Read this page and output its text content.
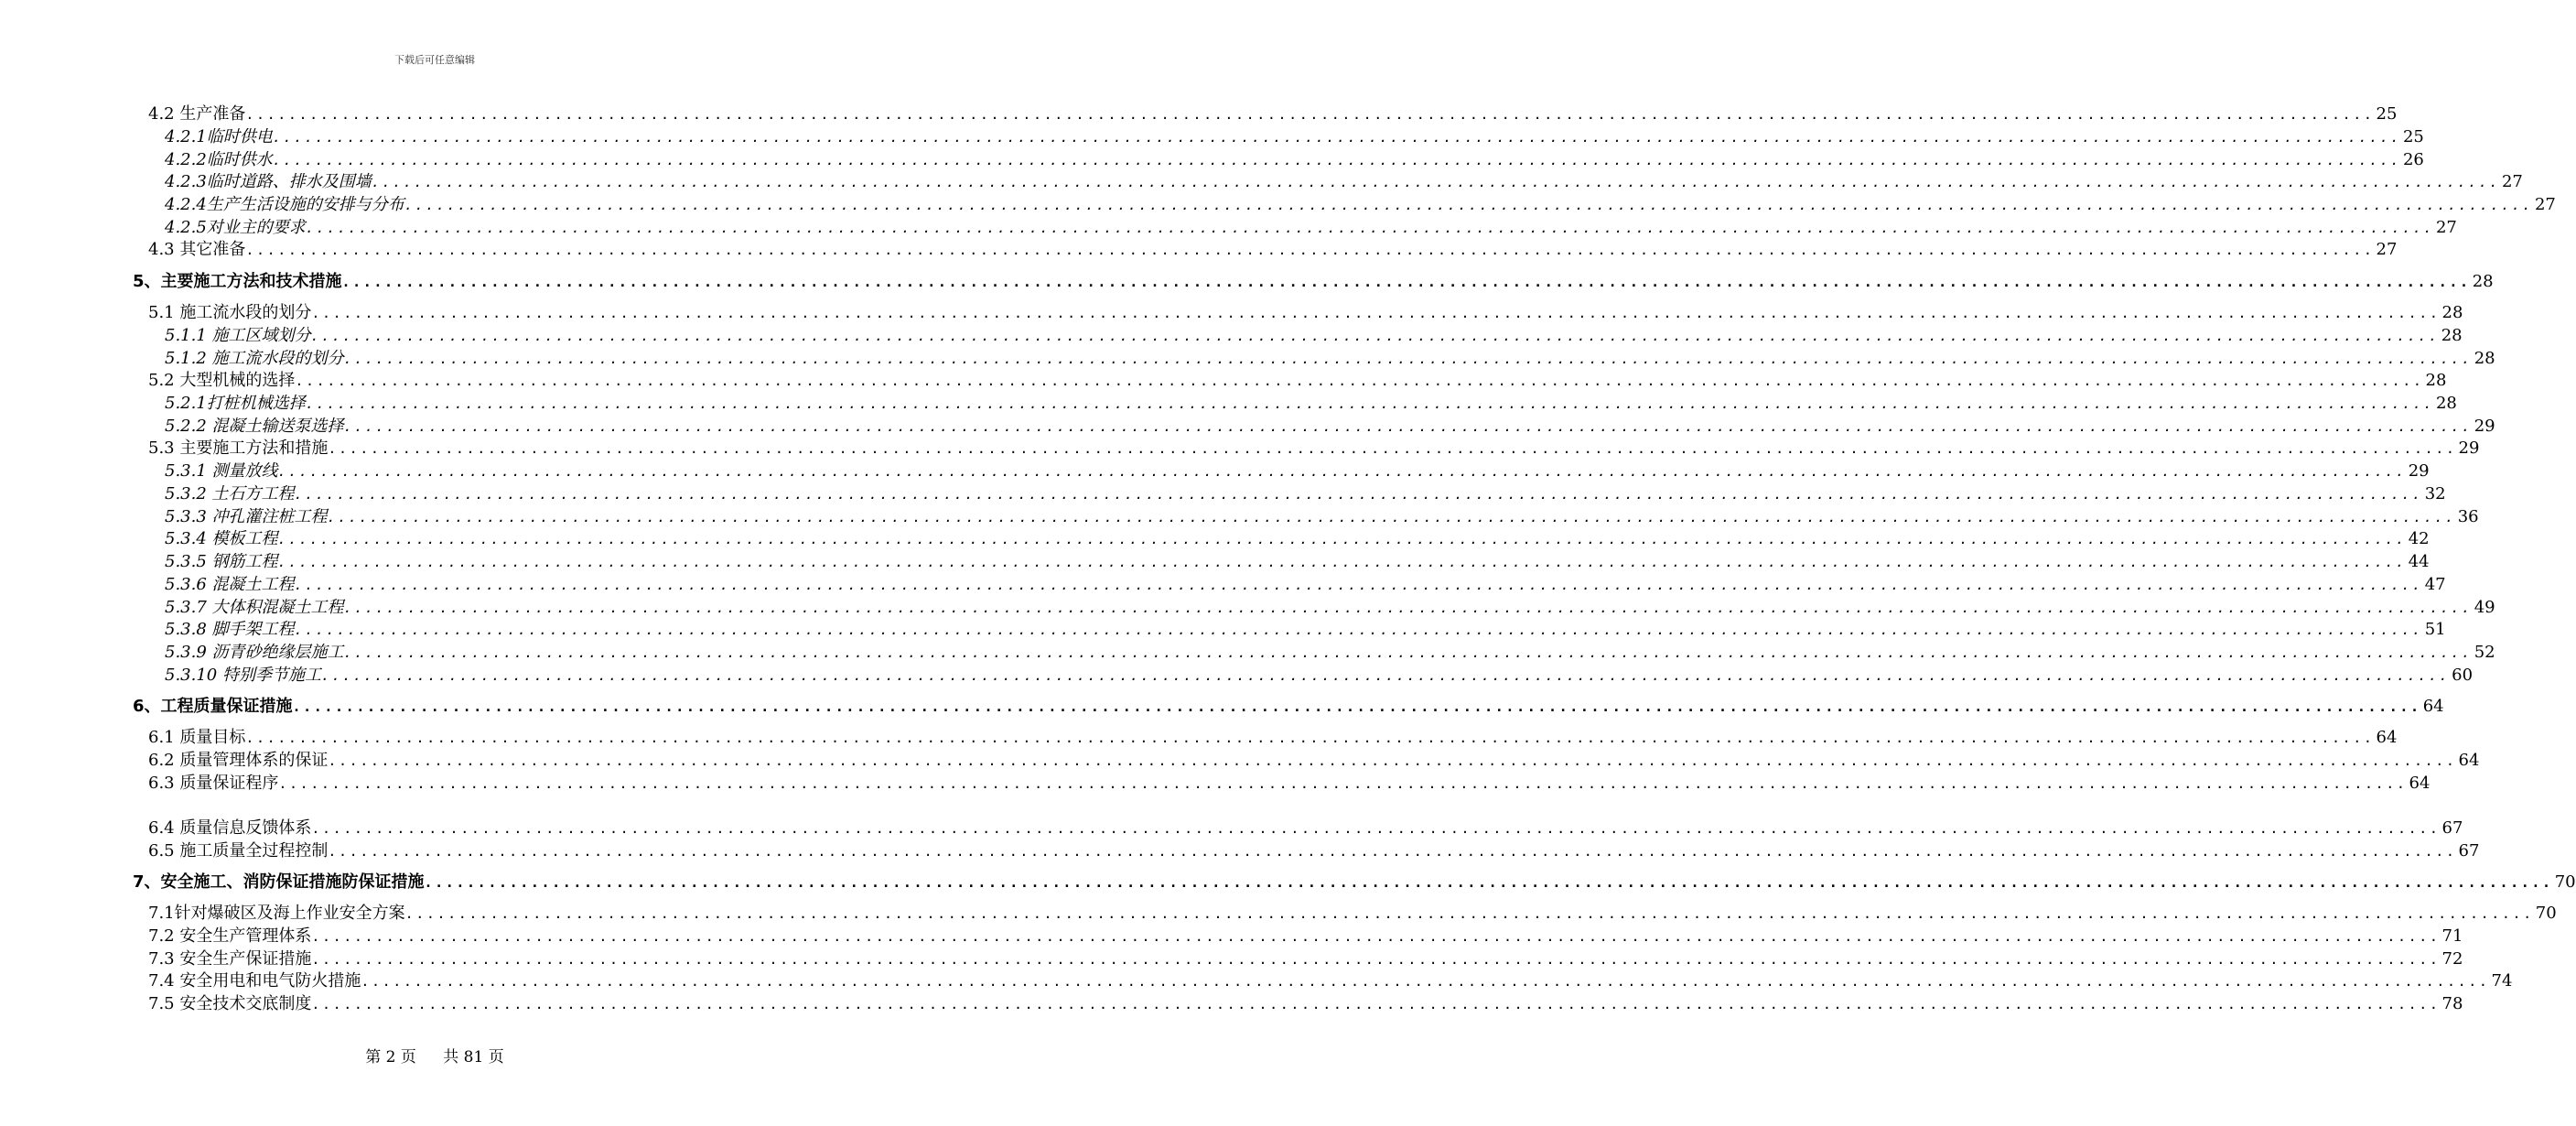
下载后可任意编辑
4.2 生产准备 ........................................................................................................................................................................................................ 25
4.2.1临时供电 ........................................................................................................................................................................................................ 25
4.2.2临时供水 ........................................................................................................................................................................................................ 26
4.2.3临时道路、排水及围墙 ........................................................................................................................................................................................................ 27
4.2.4生产生活设施的安排与分布 ........................................................................................................................................................................................................ 27
4.2.5对业主的要求 ........................................................................................................................................................................................................ 27
4.3 其它准备 ........................................................................................................................................................................................................ 27
5、主要施工方法和技术措施 ........................................................................................................................................................................................................ 28
5.1 施工流水段的划分 ........................................................................................................................................................................................................ 28
5.1.1 施工区域划分 ........................................................................................................................................................................................................ 28
5.1.2 施工流水段的划分 ........................................................................................................................................................................................................ 28
5.2 大型机械的选择 ........................................................................................................................................................................................................ 28
5.2.1打桩机械选择 ........................................................................................................................................................................................................ 28
5.2.2 混凝土输送泵选择 ........................................................................................................................................................................................................ 29
5.3 主要施工方法和措施 ........................................................................................................................................................................................................ 29
5.3.1 测量放线 ........................................................................................................................................................................................................ 29
5.3.2 土石方工程 ........................................................................................................................................................................................................ 32
5.3.3 冲孔灌注桩工程 ........................................................................................................................................................................................................ 36
5.3.4 模板工程 ........................................................................................................................................................................................................ 42
5.3.5 钢筋工程 ........................................................................................................................................................................................................ 44
5.3.6 混凝土工程 ........................................................................................................................................................................................................ 47
5.3.7 大体积混凝土工程 ........................................................................................................................................................................................................ 49
5.3.8 脚手架工程 ........................................................................................................................................................................................................ 51
5.3.9 沥青砂绝缘层施工 ........................................................................................................................................................................................................ 52
5.3.10 特别季节施工 ........................................................................................................................................................................................................ 60
6、工程质量保证措施 ........................................................................................................................................................................................................ 64
6.1 质量目标 ........................................................................................................................................................................................................ 64
6.2 质量管理体系的保证 ........................................................................................................................................................................................................ 64
6.3 质量保证程序 ........................................................................................................................................................................................................ 64
6.4 质量信息反馈体系 ........................................................................................................................................................................................................ 67
6.5 施工质量全过程控制 ........................................................................................................................................................................................................ 67
7、安全施工、消防保证措施防保证措施 ........................................................................................................................................................................................................ 70
7.1针对爆破区及海上作业安全方案 ........................................................................................................................................................................................................ 70
7.2 安全生产管理体系 ........................................................................................................................................................................................................ 71
7.3 安全生产保证措施 ........................................................................................................................................................................................................ 72
7.4 安全用电和电气防火措施 ........................................................................................................................................................................................................ 74
7.5 安全技术交底制度 ........................................................................................................................................................................................................ 78
第 2 页 共 81 页
